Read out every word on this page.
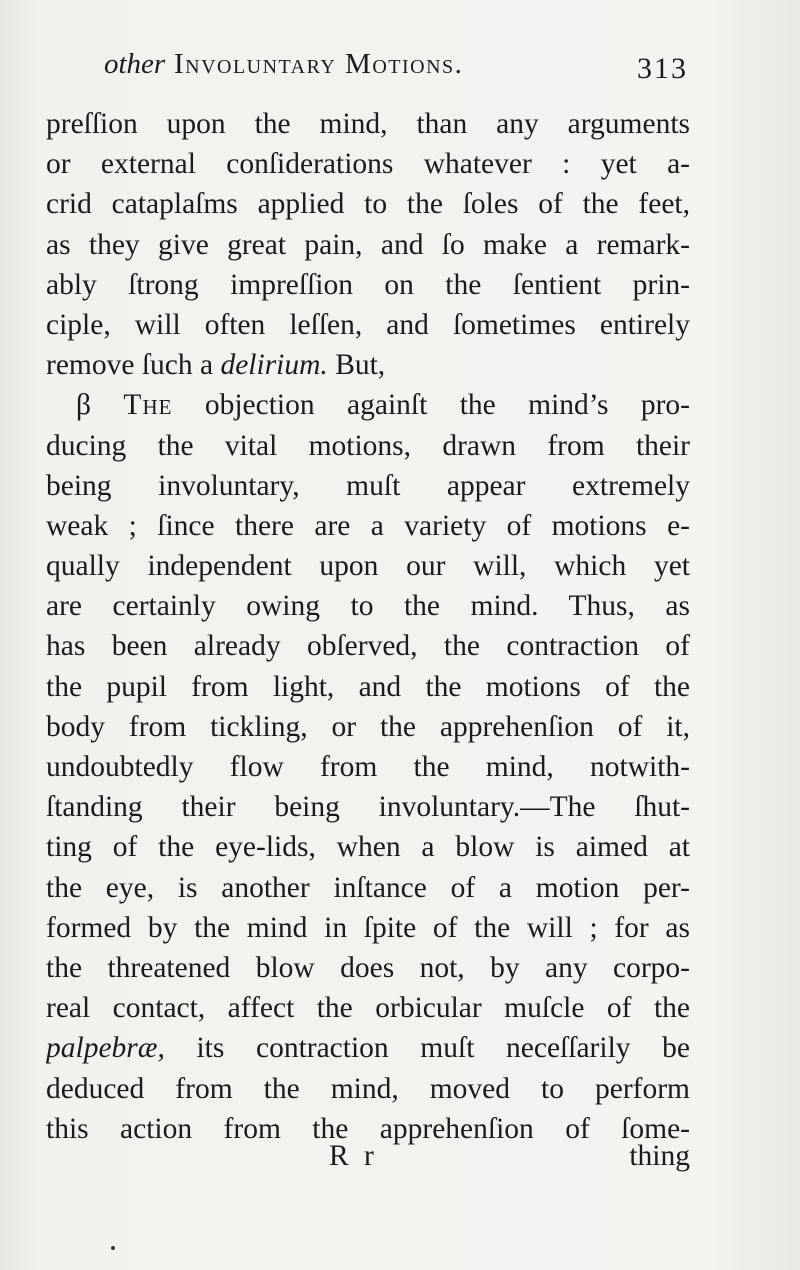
other Involuntary Motions.	313
preſſion upon the mind, than any arguments
or external conſiderations whatever : yet a-
crid cataplaſms applied to the ſoles of the feet,
as they give great pain, and ſo make a remark-
ably ſtrong impreſſion on the ſentient prin-
ciple, will often leſſen, and ſometimes entirely
remove ſuch a delirium. But,
β The objection againſt the mind’s pro-
ducing the vital motions, drawn from their
being involuntary, muſt appear extremely
weak ; ſince there are a variety of motions e-
qually independent upon our will, which yet
are certainly owing to the mind. Thus, as
has been already obſerved, the contraction of
the pupil from light, and the motions of the
body from tickling, or the apprehenſion of it,
undoubtedly flow from the mind, notwith-
ſtanding their being involuntary.—The ſhut-
ting of the eye-lids, when a blow is aimed at
the eye, is another inſtance of a motion per-
formed by the mind in ſpite of the will ; for as
the threatened blow does not, by any corpo-
real contact, affect the orbicular muſcle of the
palpebræ, its contraction muſt neceſſarily be
deduced from the mind, moved to perform
this action from the apprehenſion of ſome-
R r	thing
